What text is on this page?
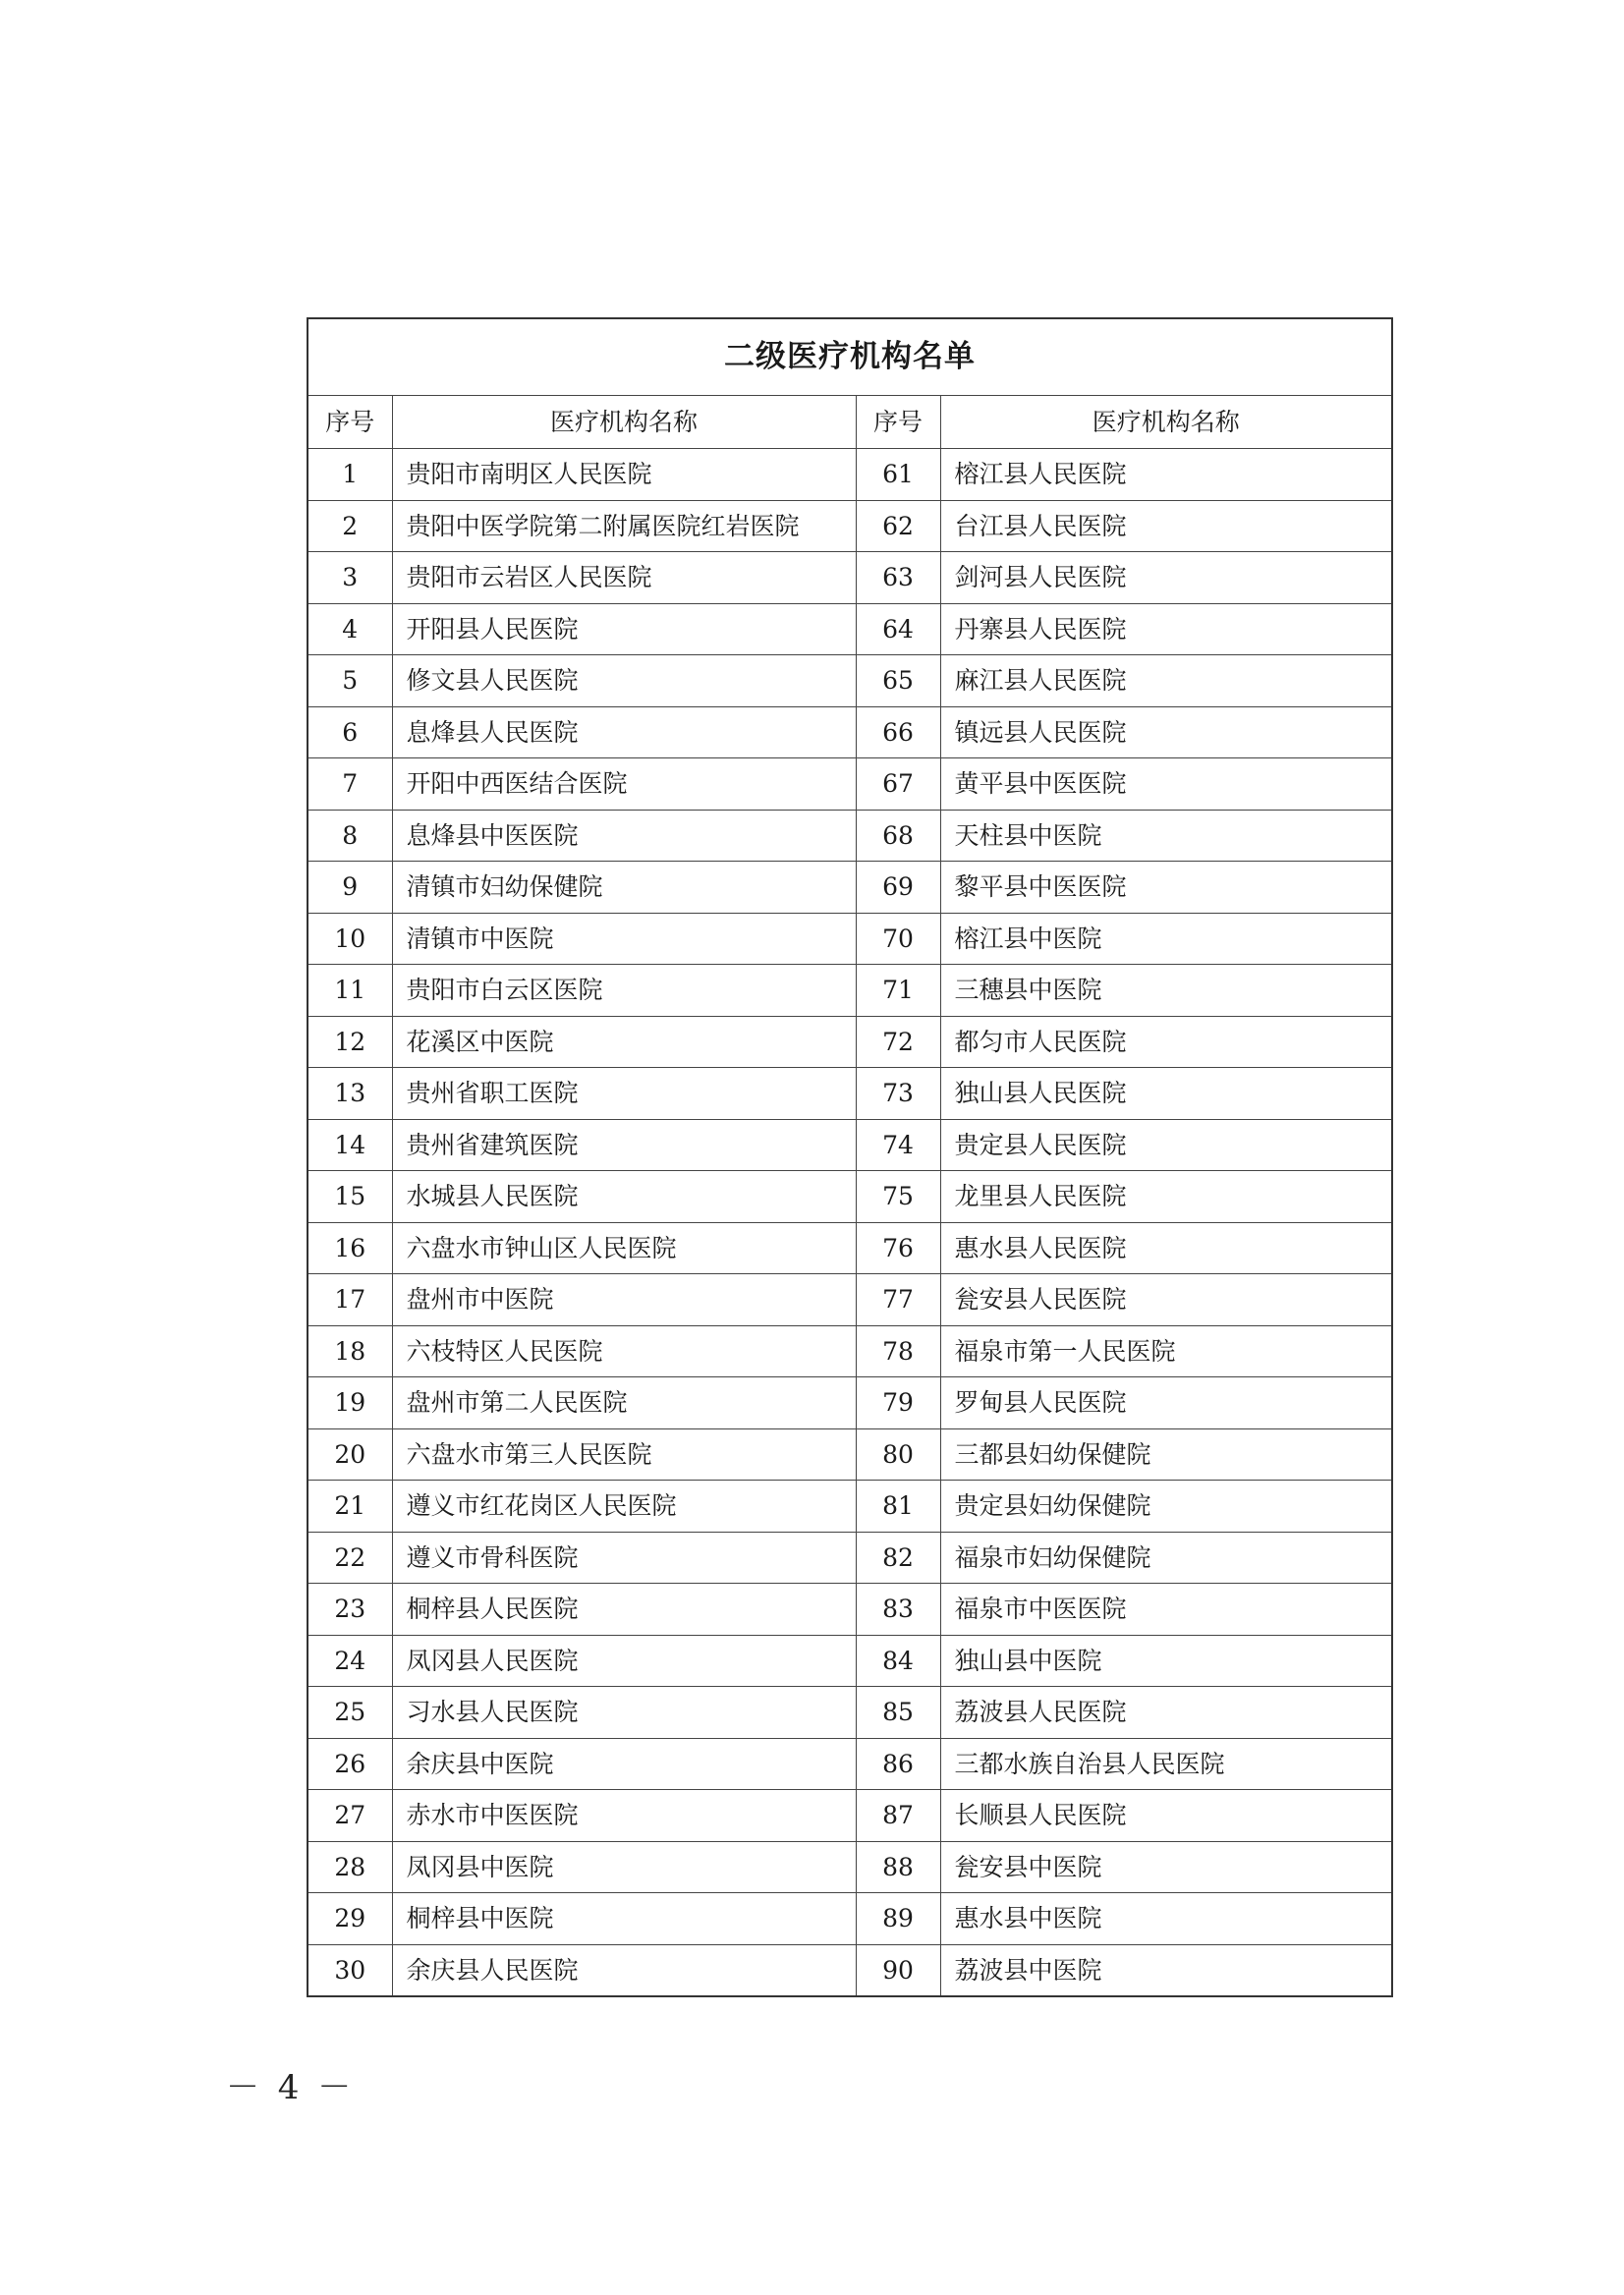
二级医疗机构名单			
序号	医疗机构名称	序号	医疗机构名称
1	贵阳市南明区人民医院	61	榕江县人民医院
2	贵阳中医学院第二附属医院红岩医院	62	台江县人民医院
3	贵阳市云岩区人民医院	63	剑河县人民医院
4	开阳县人民医院	64	丹寨县人民医院
5	修文县人民医院	65	麻江县人民医院
6	息烽县人民医院	66	镇远县人民医院
7	开阳中西医结合医院	67	黄平县中医医院
8	息烽县中医医院	68	天柱县中医院
9	清镇市妇幼保健院	69	黎平县中医医院
10	清镇市中医院	70	榕江县中医院
11	贵阳市白云区医院	71	三穗县中医院
12	花溪区中医院	72	都匀市人民医院
13	贵州省职工医院	73	独山县人民医院
14	贵州省建筑医院	74	贵定县人民医院
15	水城县人民医院	75	龙里县人民医院
16	六盘水市钟山区人民医院	76	惠水县人民医院
17	盘州市中医院	77	瓮安县人民医院
18	六枝特区人民医院	78	福泉市第一人民医院
19	盘州市第二人民医院	79	罗甸县人民医院
20	六盘水市第三人民医院	80	三都县妇幼保健院
21	遵义市红花岗区人民医院	81	贵定县妇幼保健院
22	遵义市骨科医院	82	福泉市妇幼保健院
23	桐梓县人民医院	83	福泉市中医医院
24	凤冈县人民医院	84	独山县中医院
25	习水县人民医院	85	荔波县人民医院
26	余庆县中医院	86	三都水族自治县人民医院
27	赤水市中医医院	87	长顺县人民医院
28	凤冈县中医院	88	瓮安县中医院
29	桐梓县中医院	89	惠水县中医院
30	余庆县人民医院	90	荔波县中医院
－ 4 －
